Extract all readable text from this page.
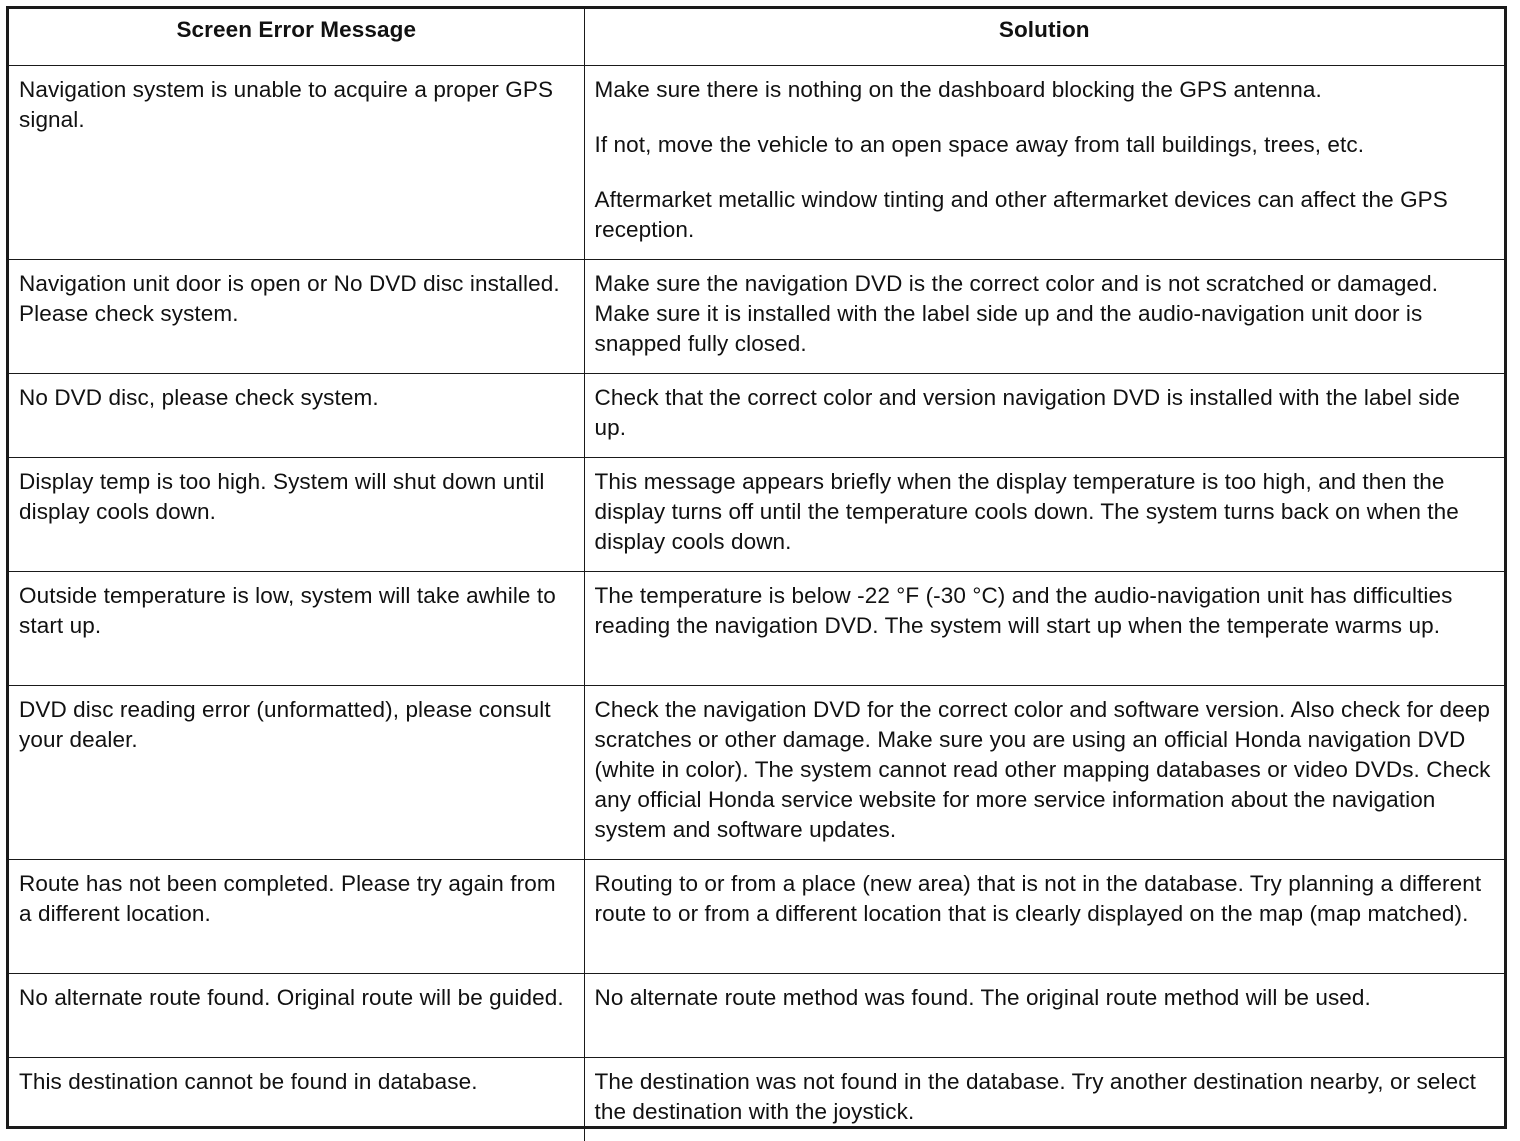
Screen Error Message	Solution
Navigation system is unable to acquire a proper GPS signal.	Make sure there is nothing on the dashboard blocking the GPS antenna.
If not, move the vehicle to an open space away from tall buildings, trees, etc.
Aftermarket metallic window tinting and other aftermarket devices can affect the GPS reception.

Navigation unit door is open or No DVD disc installed. Please check system.	Make sure the navigation DVD is the correct color and is not scratched or damaged. Make sure it is installed with the label side up and the audio-navigation unit door is snapped fully closed.

No DVD disc, please check system.	Check that the correct color and version navigation DVD is installed with the label side up.

Display temp is too high. System will shut down until display cools down.	This message appears briefly when the display temperature is too high, and then the display turns off until the temperature cools down. The system turns back on when the display cools down.

Outside temperature is low, system will take awhile to start up.	The temperature is below -22 °F (-30 °C) and the audio-navigation unit has difficulties reading the navigation DVD. The system will start up when the temperate warms up.

DVD disc reading error (unformatted), please consult your dealer.	Check the navigation DVD for the correct color and software version. Also check for deep scratches or other damage. Make sure you are using an official Honda navigation DVD (white in color). The system cannot read other mapping databases or video DVDs. Check any official Honda service website for more service information about the navigation system and software updates.

Route has not been completed. Please try again from a different location.	Routing to or from a place (new area) that is not in the database. Try planning a different route to or from a different location that is clearly displayed on the map (map matched).

No alternate route found. Original route will be guided.	No alternate route method was found. The original route method will be used.

This destination cannot be found in database.	The destination was not found in the database. Try another destination nearby, or select the destination with the joystick.
